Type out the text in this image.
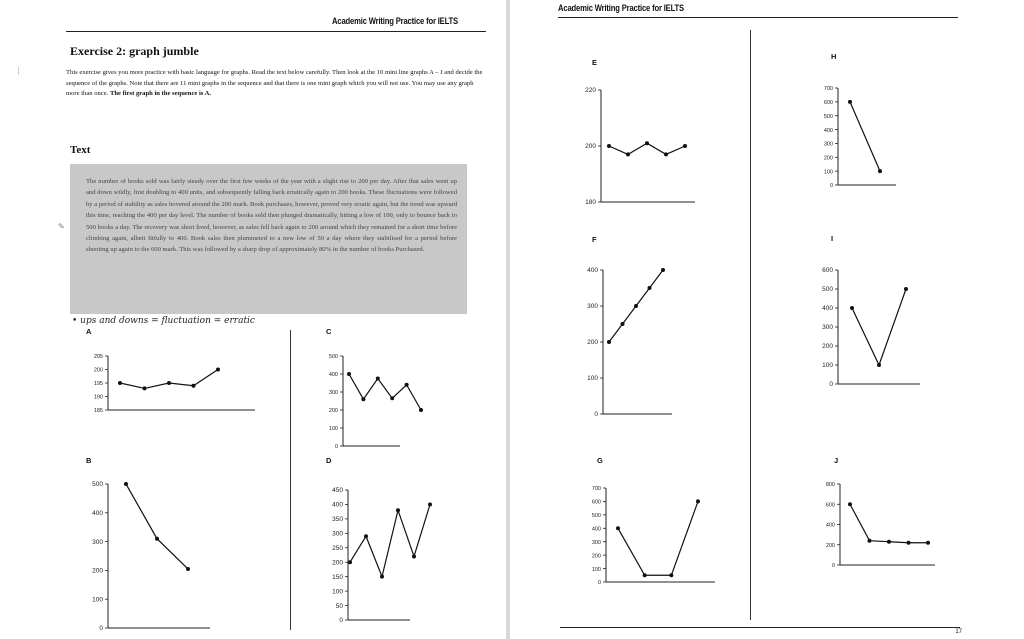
Academic Writing Practice for IELTS
|
Exercise 2: graph jumble
This exercise gives you more practice with basic language for graphs. Read the text below carefully. Then look at the 10 mini line graphs A – J and decide the sequence of the graphs. Note that there are 11 mini graphs in the sequence and that there is one mini graph which you will not use. You may use any graph more than once. The first graph in the sequence is A.
Text
✎
The number of books sold was fairly steady over the first few weeks of the year with a slight rise to 200 per day. After that sales went up and down wildly, first doubling to 400 units, and subsequently falling back erratically again to 200 books. These fluctuations were followed by a period of stability as sales hovered around the 200 mark. Book purchases, however, proved very erratic again, but the trend was upward this time, reaching the 400 per day level. The number of books sold then plunged dramatically, hitting a low of 100, only to bounce back to 500 books a day. The recovery was short lived, however, as sales fell back again to 200 around which they remained for a short time before climbing again, albeit fitfully to 400. Book sales then plummeted to a new low of 50 a day where they stabilised for a period before shooting up again to the 600 mark. This was followed by a sharp drop of approximately 80% in the number of books Purchased.
• ups and downs = fluctuation = erratic
Academic Writing Practice for IELTS
17
A
205
200
195
190
185
B
500
400
300
200
100
0
C
500
400
300
200
100
0
D
450
400
350
300
250
200
150
100
50
0
E
220
200
180
F
400
300
200
100
0
G
700
600
500
400
300
200
100
0
H
700
600
500
400
300
200
100
0
I
600
500
400
300
200
100
0
J
800
600
400
200
0
